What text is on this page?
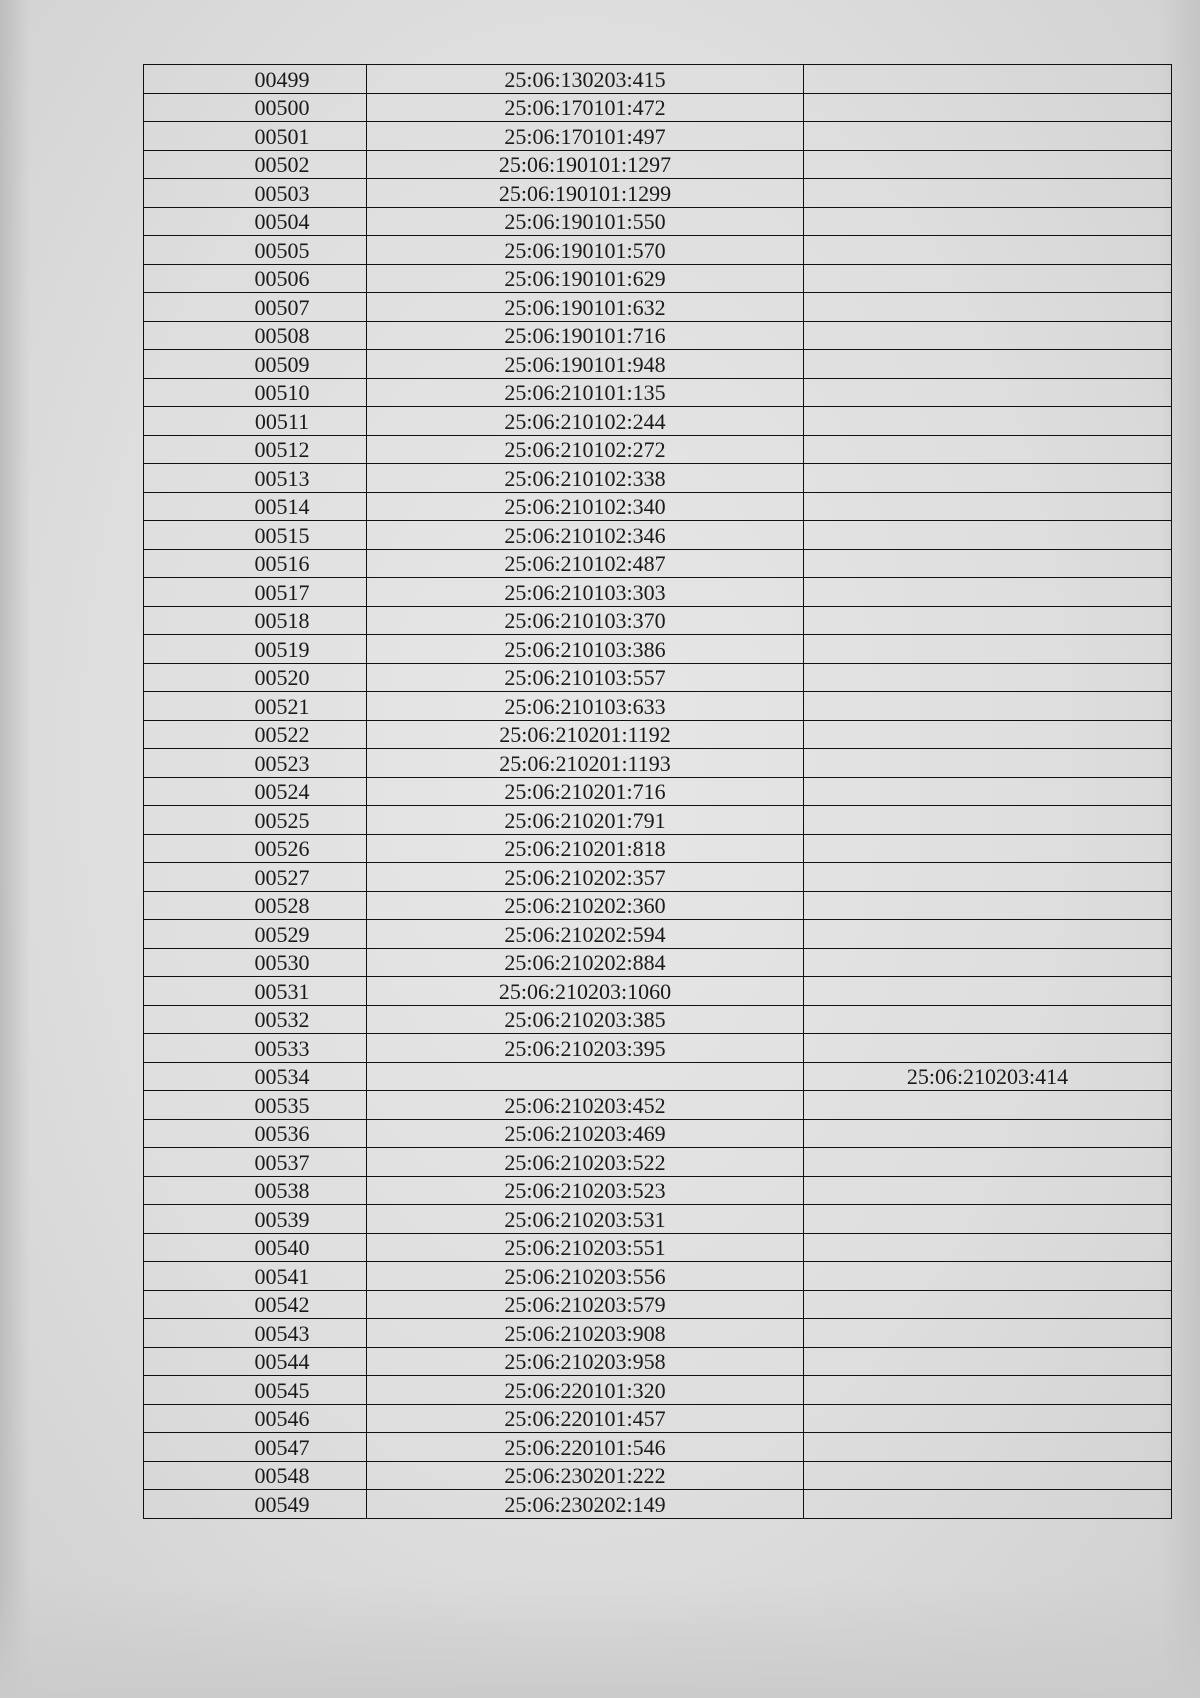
00499	25:06:130203:415	
00500	25:06:170101:472	
00501	25:06:170101:497	
00502	25:06:190101:1297	
00503	25:06:190101:1299	
00504	25:06:190101:550	
00505	25:06:190101:570	
00506	25:06:190101:629	
00507	25:06:190101:632	
00508	25:06:190101:716	
00509	25:06:190101:948	
00510	25:06:210101:135	
00511	25:06:210102:244	
00512	25:06:210102:272	
00513	25:06:210102:338	
00514	25:06:210102:340	
00515	25:06:210102:346	
00516	25:06:210102:487	
00517	25:06:210103:303	
00518	25:06:210103:370	
00519	25:06:210103:386	
00520	25:06:210103:557	
00521	25:06:210103:633	
00522	25:06:210201:1192	
00523	25:06:210201:1193	
00524	25:06:210201:716	
00525	25:06:210201:791	
00526	25:06:210201:818	
00527	25:06:210202:357	
00528	25:06:210202:360	
00529	25:06:210202:594	
00530	25:06:210202:884	
00531	25:06:210203:1060	
00532	25:06:210203:385	
00533	25:06:210203:395	
00534		25:06:210203:414
00535	25:06:210203:452	
00536	25:06:210203:469	
00537	25:06:210203:522	
00538	25:06:210203:523	
00539	25:06:210203:531	
00540	25:06:210203:551	
00541	25:06:210203:556	
00542	25:06:210203:579	
00543	25:06:210203:908	
00544	25:06:210203:958	
00545	25:06:220101:320	
00546	25:06:220101:457	
00547	25:06:220101:546	
00548	25:06:230201:222	
00549	25:06:230202:149	
